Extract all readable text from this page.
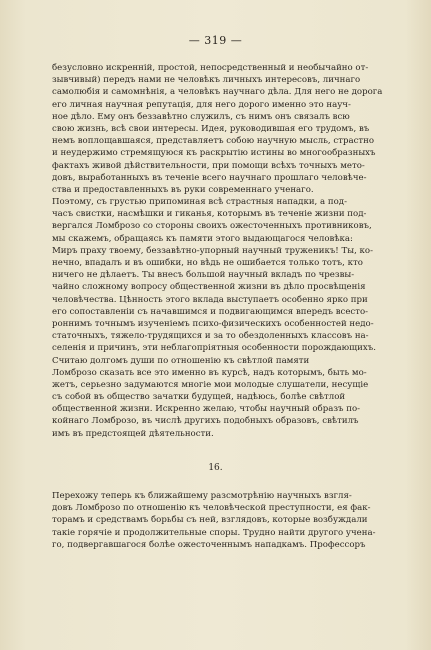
— 319 —
безусловно искренній, простой, непосредственный и необычайно от-
зывчивый) передъ нами не человѣкъ личныхъ интересовъ, личнаго
самолюбія и самомнѣнія, а человѣкъ научнаго дѣла. Для него не дорога
его личная научная репутація, для него дорого именно это науч-
ное дѣло. Ему онъ беззавѣтно служилъ, съ нимъ онъ связалъ всю
свою жизнь, всѣ свои интересы. Идея, руководившая его трудомъ, въ
немъ воплощавшаяся, представляетъ собою научную мысль, страстно
и неудержимо стремящуюся къ раскрытію истины во многообразныхъ
фактахъ живой дѣйствительности, при помощи всѣхъ точныхъ мето-
довъ, выработанныхъ въ теченіе всего научнаго прошлаго человѣче-
ства и предоставленныхъ въ руки современнаго ученаго.
Поэтому, съ грустью припоминая всѣ страстныя нападки, а под-
часъ свистки, насмѣшки и гиканья, которымъ въ теченіе жизни под-
вергался Ломброзо со стороны своихъ ожесточенныхъ противниковъ,
мы скажемъ, обращаясь къ памяти этого выдающагося человѣка:
Миръ праху твоему, беззавѣтно-упорный научный труженикъ! Ты, ко-
нечно, впадалъ и въ ошибки, но вѣдь не ошибается только тотъ, кто
ничего не дѣлаетъ. Ты внесъ большой научный вкладъ по чрезвы-
чайно сложному вопросу общественной жизни въ дѣло просвѣщенія
человѣчества. Цѣнность этого вклада выступаетъ особенно ярко при
его сопоставленіи съ начавшимся и подвигающимся впередъ всесто-
роннимъ точнымъ изученіемъ психо-физическихъ особенностей недо-
статочныхъ, тяжело-трудящихся и за то обездоленныхъ классовъ на-
селенія и причинъ, эти неблагопріятныя особенности порождающихъ.
Считаю долгомъ души по отношенію къ свѣтлой памяти
Ломброзо сказать все это именно въ курсѣ, надъ которымъ, быть мо-
жетъ, серьезно задумаются многіе мои молодые слушатели, несущіе
съ собой въ общество зачатки будущей, надѣюсь, болѣе свѣтлой
общественной жизни. Искренно желаю, чтобы научный образъ по-
койнаго Ломброзо, въ числѣ другихъ подобныхъ образовъ, свѣтилъ
имъ въ предстоящей дѣятельности.
16.
Перехожу теперь къ ближайшему разсмотрѣнію научныхъ взгля-
довъ Ломброзо по отношенію къ человѣческой преступности, ея фак-
торамъ и средствамъ борьбы съ ней, взглядовъ, которые возбуждали
такіе горячіе и продолжительные споры. Трудно найти другого учена-
го, подвергавшагося болѣе ожесточеннымъ нападкамъ. Профессоръ
